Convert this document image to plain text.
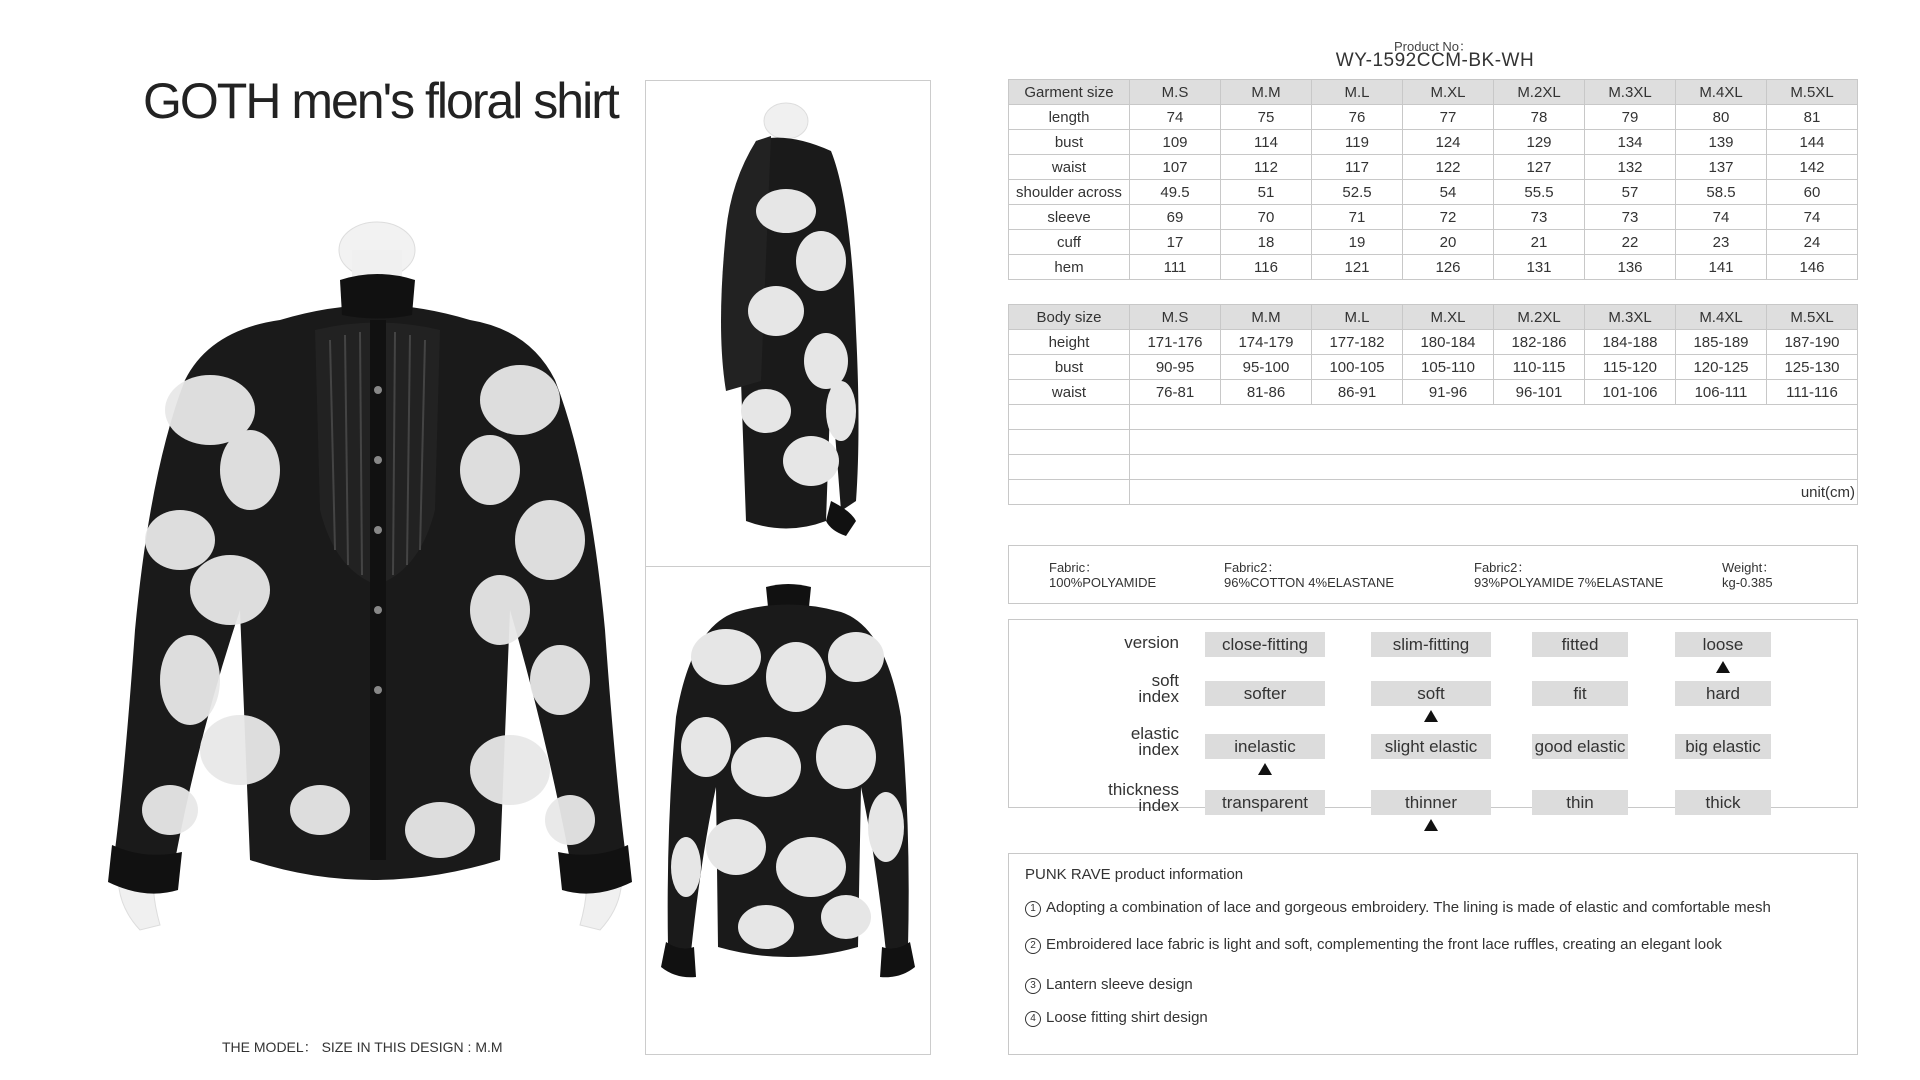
GOTH men's floral shirt
THE MODEL： SIZE IN THIS DESIGN : M.M
Product No：
WY-1592CCM-BK-WH
Garment size	M.S	M.M	M.L	M.XL	M.2XL	M.3XL	M.4XL	M.5XL
length	74	75	76	77	78	79	80	81
bust	109	114	119	124	129	134	139	144
waist	107	112	117	122	127	132	137	142
shoulder across	49.5	51	52.5	54	55.5	57	58.5	60
sleeve	69	70	71	72	73	73	74	74
cuff	17	18	19	20	21	22	23	24
hem	111	116	121	126	131	136	141	146

Body size	M.S	M.M	M.L	M.XL	M.2XL	M.3XL	M.4XL	M.5XL
height	171-176	174-179	177-182	180-184	182-186	184-188	185-189	187-190
bust	90-95	95-100	100-105	105-110	110-115	115-120	120-125	125-130
waist	76-81	81-86	86-91	91-96	96-101	101-106	106-111	111-116

	unit(cm)							
Fabric：
100%POLYAMIDE
Fabric2：
96%COTTON 4%ELASTANE
Fabric2：
93%POLYAMIDE 7%ELASTANE
Weight：
kg-0.385
version	close-fitting	slim-fitting	fitted	loose
soft
index	softer	soft	fit	hard
elastic
index	inelastic	slight elastic	good elastic	big elastic
thickness
index	transparent	thinner	thin	thick
PUNK RAVE product information
1 Adopting a combination of lace and gorgeous embroidery. The lining is made of elastic and comfortable mesh
2 Embroidered lace fabric is light and soft, complementing the front lace ruffles, creating an elegant look
3 Lantern sleeve design
4 Loose fitting shirt design
